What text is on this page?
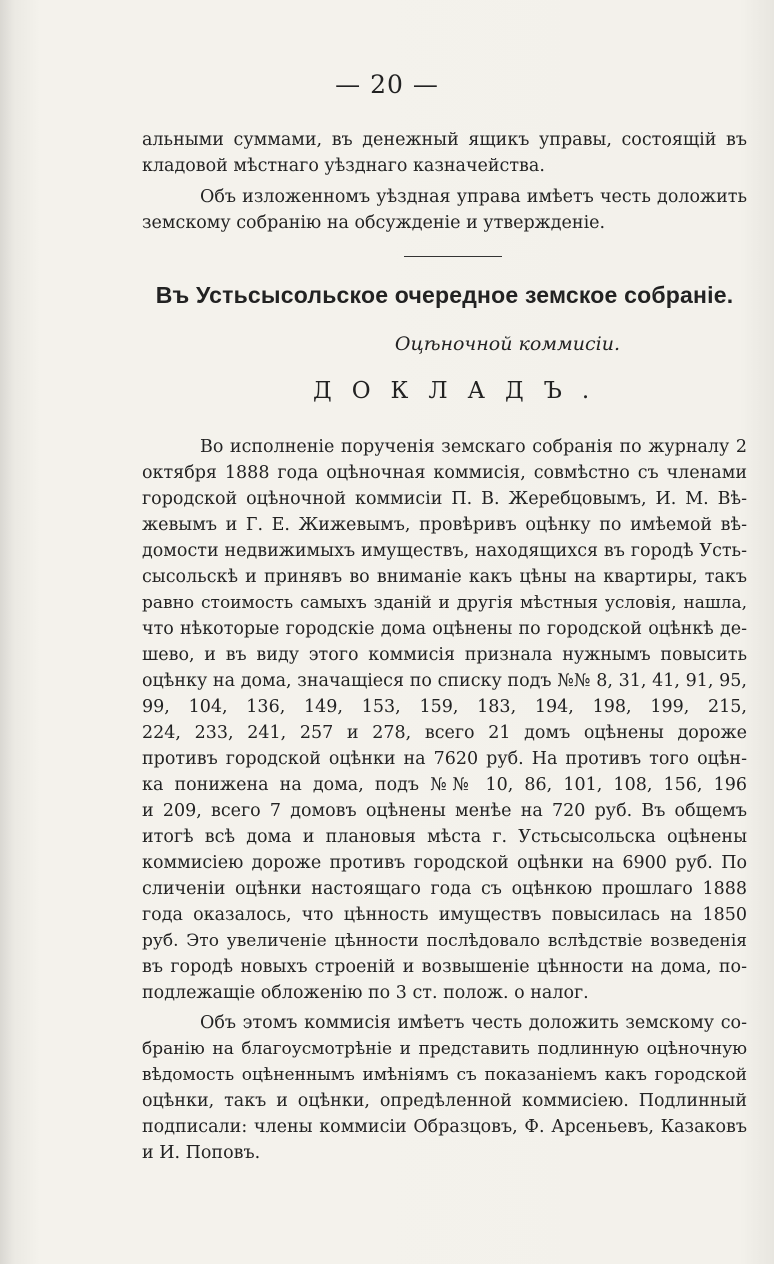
— 20 —
альными суммами, въ денежный ящикъ управы, состоящій въ
кладовой мѣстнаго уѣзднаго казначейства.
Объ изложенномъ уѣздная управа имѣетъ честь доложить
земскому собранію на обсужденіе и утвержденіе.
Въ Устьсысольское очередное земское собраніе.
Оцѣночной коммисіи.
ДОКЛАДЪ.
Во исполненіе порученія земскаго собранія по журналу 2
октября 1888 года оцѣночная коммисія, совмѣстно съ членами
городской оцѣночной коммисіи П. В. Жеребцовымъ, И. М. Вѣ-
жевымъ и Г. Е. Жижевымъ, провѣривъ оцѣнку по имѣемой вѣ-
домости недвижимыхъ имуществъ, находящихся въ городѣ Усть-
сысольскѣ и принявъ во вниманіе какъ цѣны на квартиры, такъ
равно стоимость самыхъ зданій и другія мѣстныя условія, нашла,
что нѣкоторые городскіе дома оцѣнены по городской оцѣнкѣ де-
шево, и въ виду этого коммисія признала нужнымъ повысить
оцѣнку на дома, значащіеся по списку подъ №№ 8, 31, 41, 91, 95,
99, 104, 136, 149, 153, 159, 183, 194, 198, 199, 215,
224, 233, 241, 257 и 278, всего 21 домъ оцѣнены дороже
противъ городской оцѣнки на 7620 руб. На противъ того оцѣн-
ка понижена на дома, подъ №№ 10, 86, 101, 108, 156, 196
и 209, всего 7 домовъ оцѣнены менѣе на 720 руб. Въ общемъ
итогѣ всѣ дома и плановыя мѣста г. Устьсысольска оцѣнены
коммисіею дороже противъ городской оцѣнки на 6900 руб. По
сличеніи оцѣнки настоящаго года съ оцѣнкою прошлаго 1888
года оказалось, что цѣнность имуществъ повысилась на 1850
руб. Это увеличеніе цѣнности послѣдовало вслѣдствіе возведенія
въ городѣ новыхъ строеній и возвышеніе цѣнности на дома, по-
подлежащіе обложенію по 3 ст. полож. о налог.
Объ этомъ коммисія имѣетъ честь доложить земскому со-
бранію на благоусмотрѣніе и представить подлинную оцѣночную
вѣдомость оцѣненнымъ имѣніямъ съ показаніемъ какъ городской
оцѣнки, такъ и оцѣнки, опредѣленной коммисіею. Подлинный
подписали: члены коммисіи Образцовъ, Ф. Арсеньевъ, Казаковъ
и И. Поповъ.
